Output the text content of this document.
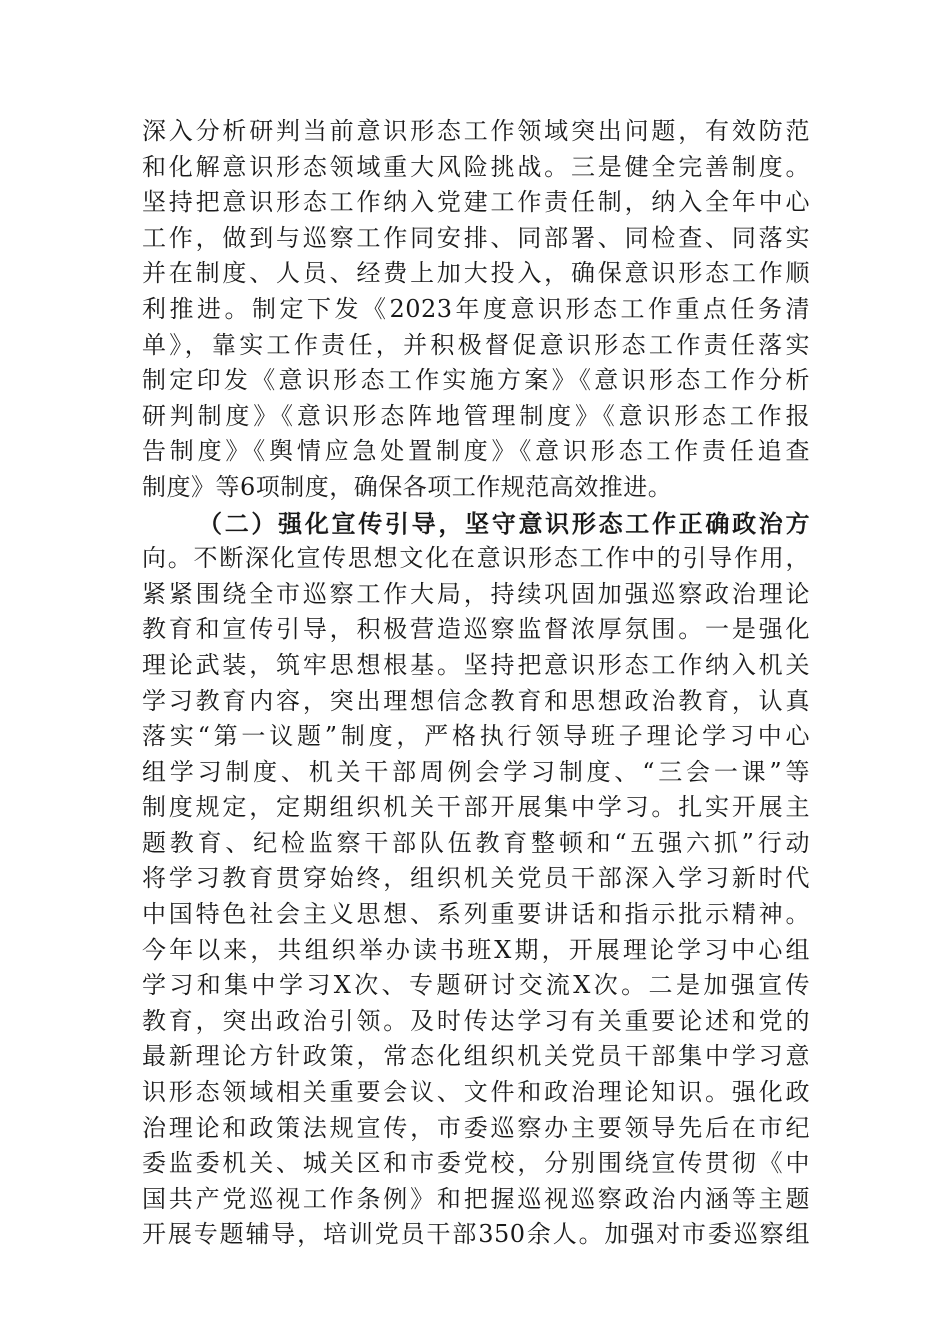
深入分析研判当前意识形态工作领域突出问题，有效防范
和化解意识形态领域重大风险挑战。三是健全完善制度。
坚持把意识形态工作纳入党建工作责任制，纳入全年中心
工作，做到与巡察工作同安排、同部署、同检查、同落实
并在制度、人员、经费上加大投入，确保意识形态工作顺
利推进。制定下发《2023年度意识形态工作重点任务清
单》，靠实工作责任，并积极督促意识形态工作责任落实
制定印发《意识形态工作实施方案》《意识形态工作分析
研判制度》《意识形态阵地管理制度》《意识形态工作报
告制度》《舆情应急处置制度》《意识形态工作责任追查
制度》等6项制度，确保各项工作规范高效推进。
（二）强化宣传引导，坚守意识形态工作正确政治方
向。不断深化宣传思想文化在意识形态工作中的引导作用，
紧紧围绕全市巡察工作大局，持续巩固加强巡察政治理论
教育和宣传引导，积极营造巡察监督浓厚氛围。一是强化
理论武装，筑牢思想根基。坚持把意识形态工作纳入机关
学习教育内容，突出理想信念教育和思想政治教育，认真
落实“第一议题”制度，严格执行领导班子理论学习中心
组学习制度、机关干部周例会学习制度、“三会一课”等
制度规定，定期组织机关干部开展集中学习。扎实开展主
题教育、纪检监察干部队伍教育整顿和“五强六抓”行动
将学习教育贯穿始终，组织机关党员干部深入学习新时代
中国特色社会主义思想、系列重要讲话和指示批示精神。
今年以来，共组织举办读书班X期，开展理论学习中心组
学习和集中学习X次、专题研讨交流X次。二是加强宣传
教育，突出政治引领。及时传达学习有关重要论述和党的
最新理论方针政策，常态化组织机关党员干部集中学习意
识形态领域相关重要会议、文件和政治理论知识。强化政
治理论和政策法规宣传，市委巡察办主要领导先后在市纪
委监委机关、城关区和市委党校，分别围绕宣传贯彻《中
国共产党巡视工作条例》和把握巡视巡察政治内涵等主题
开展专题辅导，培训党员干部350余人。加强对市委巡察组
